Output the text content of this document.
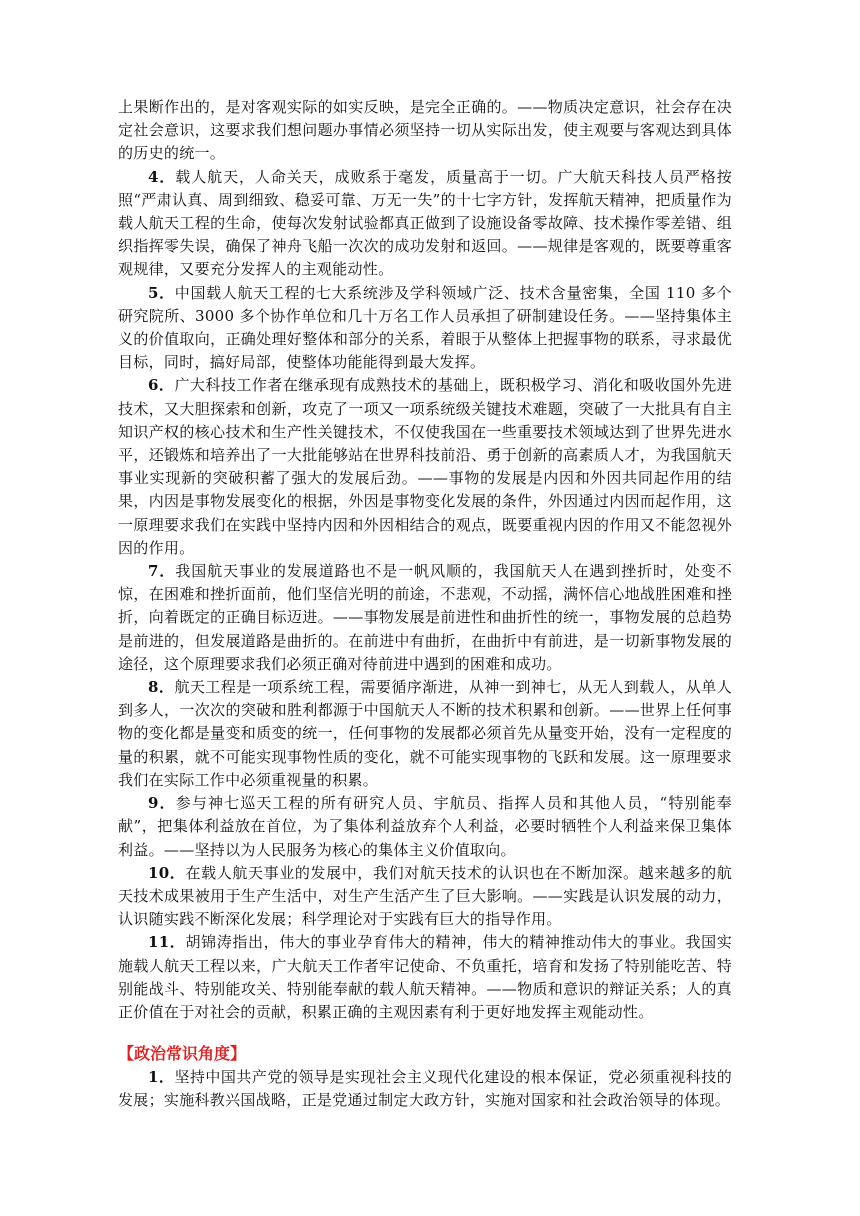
上果断作出的，是对客观实际的如实反映，是完全正确的。——物质决定意识，社会存在决定社会意识，这要求我们想问题办事情必须坚持一切从实际出发，使主观要与客观达到具体的历史的统一。

4．载人航天，人命关天，成败系于毫发，质量高于一切。广大航天科技人员严格按照“严肃认真、周到细致、稳妥可靠、万无一失”的十七字方针，发挥航天精神，把质量作为载人航天工程的生命，使每次发射试验都真正做到了设施设备零故障、技术操作零差错、组织指挥零失误，确保了神舟飞船一次次的成功发射和返回。——规律是客观的，既要尊重客观规律，又要充分发挥人的主观能动性。

5．中国载人航天工程的七大系统涉及学科领域广泛、技术含量密集，全国 110 多个研究院所、3000 多个协作单位和几十万名工作人员承担了研制建设任务。——坚持集体主义的价值取向，正确处理好整体和部分的关系，着眼于从整体上把握事物的联系，寻求最优目标，同时，搞好局部，使整体功能能得到最大发挥。

6．广大科技工作者在继承现有成熟技术的基础上，既积极学习、消化和吸收国外先进技术，又大胆探索和创新，攻克了一项又一项系统级关键技术难题，突破了一大批具有自主知识产权的核心技术和生产性关键技术，不仅使我国在一些重要技术领域达到了世界先进水平，还锻炼和培养出了一大批能够站在世界科技前沿、勇于创新的高素质人才，为我国航天事业实现新的突破积蓄了强大的发展后劲。——事物的发展是内因和外因共同起作用的结果，内因是事物发展变化的根据，外因是事物变化发展的条件，外因通过内因而起作用，这一原理要求我们在实践中坚持内因和外因相结合的观点，既要重视内因的作用又不能忽视外因的作用。

7．我国航天事业的发展道路也不是一帆风顺的，我国航天人在遇到挫折时，处变不惊，在困难和挫折面前，他们坚信光明的前途，不悲观，不动摇，满怀信心地战胜困难和挫折，向着既定的正确目标迈进。——事物发展是前进性和曲折性的统一，事物发展的总趋势是前进的，但发展道路是曲折的。在前进中有曲折，在曲折中有前进，是一切新事物发展的途径，这个原理要求我们必须正确对待前进中遇到的困难和成功。

8．航天工程是一项系统工程，需要循序渐进，从神一到神七，从无人到载人，从单人到多人，一次次的突破和胜利都源于中国航天人不断的技术积累和创新。——世界上任何事物的变化都是量变和质变的统一，任何事物的发展都必须首先从量变开始，没有一定程度的量的积累，就不可能实现事物性质的变化，就不可能实现事物的飞跃和发展。这一原理要求我们在实际工作中必须重视量的积累。

9．参与神七巡天工程的所有研究人员、宇航员、指挥人员和其他人员，“特别能奉献”，把集体利益放在首位，为了集体利益放弃个人利益，必要时牺牲个人利益来保卫集体利益。——坚持以为人民服务为核心的集体主义价值取向。

10．在载人航天事业的发展中，我们对航天技术的认识也在不断加深。越来越多的航天技术成果被用于生产生活中，对生产生活产生了巨大影响。——实践是认识发展的动力，认识随实践不断深化发展；科学理论对于实践有巨大的指导作用。

11．胡锦涛指出，伟大的事业孕育伟大的精神，伟大的精神推动伟大的事业。我国实施载人航天工程以来，广大航天工作者牢记使命、不负重托，培育和发扬了特别能吃苦、特别能战斗、特别能攻关、特别能奉献的载人航天精神。——物质和意识的辩证关系；人的真正价值在于对社会的贡献，积累正确的主观因素有利于更好地发挥主观能动性。

【政治常识角度】

1．坚持中国共产党的领导是实现社会主义现代化建设的根本保证，党必须重视科技的发展；实施科教兴国战略，正是党通过制定大政方针，实施对国家和社会政治领导的体现。
